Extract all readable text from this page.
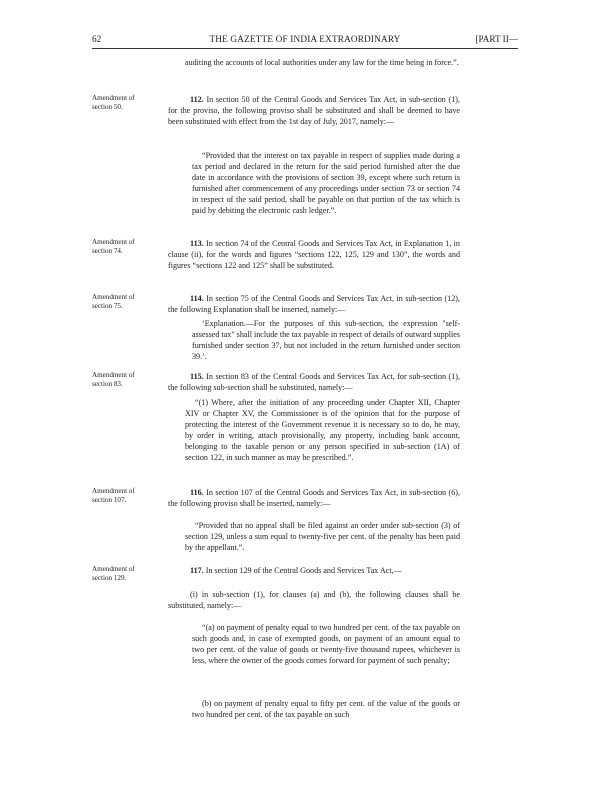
62	THE GAZETTE OF INDIA EXTRAORDINARY	[PART II—

auditing the accounts of local authorities under any law for the time being in force.”.

Amendment of section 50.

112. In section 50 of the Central Goods and Services Tax Act, in sub-section (1), for the proviso, the following proviso shall be substituted and shall be deemed to have been substituted with effect from the 1st day of July, 2017, namely:—

“Provided that the interest on tax payable in respect of supplies made during a tax period and declared in the return for the said period furnished after the due date in accordance with the provisions of section 39, except where such return is furnished after commencement of any proceedings under section 73 or section 74 in respect of the said period, shall be payable on that portion of the tax which is paid by debiting the electronic cash ledger.”.

Amendment of section 74.

113. In section 74 of the Central Goods and Services Tax Act, in Explanation 1, in clause (ii), for the words and figures “sections 122, 125, 129 and 130”, the words and figures “sections 122 and 125” shall be substituted.

Amendment of section 75.

114. In section 75 of the Central Goods and Services Tax Act, in sub-section (12), the following Explanation shall be inserted, namely:—

‘Explanation.—For the purposes of this sub-section, the expression "self-assessed tax" shall include the tax payable in respect of details of outward supplies furnished under section 37, but not included in the return furnished under section 39.’.

Amendment of section 83.

115. In section 83 of the Central Goods and Services Tax Act, for sub-section (1), the following sub-section shall be substituted, namely:—

“(1) Where, after the initiation of any proceeding under Chapter XII, Chapter XIV or Chapter XV, the Commissioner is of the opinion that for the purpose of protecting the interest of the Government revenue it is necessary so to do, he may, by order in writing, attach provisionally, any property, including bank account, belonging to the taxable person or any person specified in sub-section (1A) of section 122, in such manner as may be prescribed.”.

Amendment of section 107.

116. In section 107 of the Central Goods and Services Tax Act, in sub-section (6), the following proviso shall be inserted, namely:—

“Provided that no appeal shall be filed against an order under sub-section (3) of section 129, unless a sum equal to twenty-five per cent. of the penalty has been paid by the appellant.”.

Amendment of section 129.

117. In section 129 of the Central Goods and Services Tax Act,—

(i) in sub-section (1), for clauses (a) and (b), the following clauses shall be substituted, namely:—

“(a) on payment of penalty equal to two hundred per cent. of the tax payable on such goods and, in case of exempted goods, on payment of an amount equal to two per cent. of the value of goods or twenty-five thousand rupees, whichever is less, where the owner of the goods comes forward for payment of such penalty;

(b) on payment of penalty equal to fifty per cent. of the value of the goods or two hundred per cent. of the tax payable on such
